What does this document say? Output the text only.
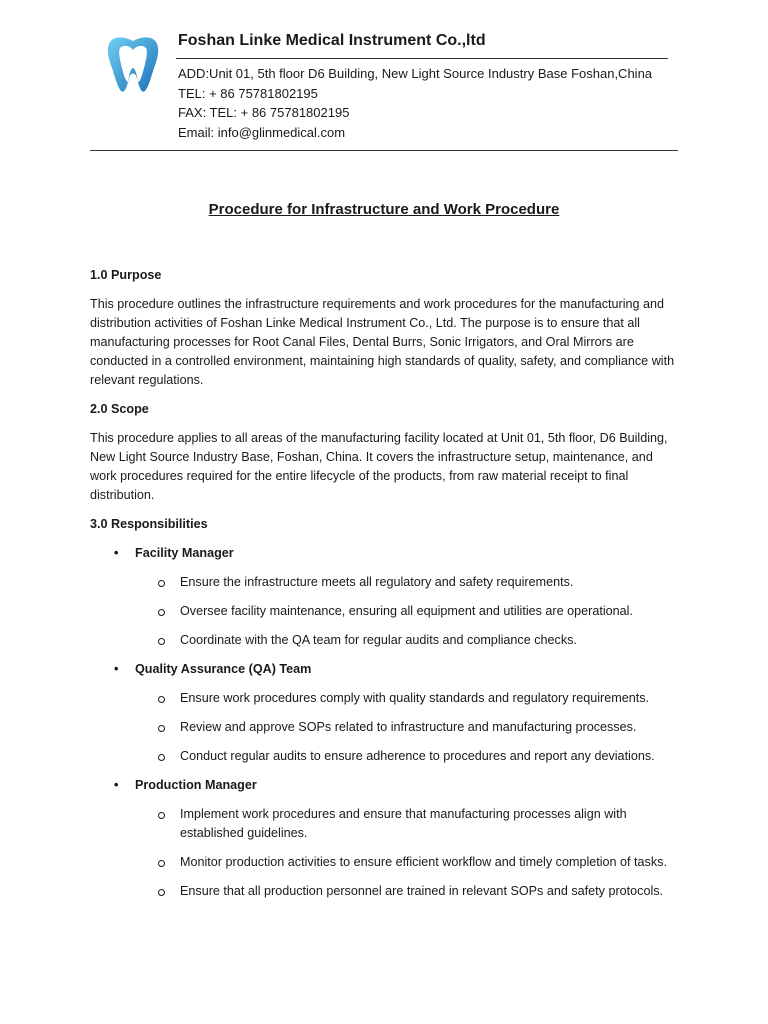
Foshan Linke Medical Instrument Co.,ltd
ADD:Unit 01, 5th floor D6 Building, New Light Source Industry Base Foshan,China
TEL: + 86 75781802195
FAX: TEL: + 86 75781802195
Email: info@glinmedical.com
Procedure for Infrastructure and Work Procedure
1.0 Purpose
This procedure outlines the infrastructure requirements and work procedures for the manufacturing and distribution activities of Foshan Linke Medical Instrument Co., Ltd. The purpose is to ensure that all manufacturing processes for Root Canal Files, Dental Burrs, Sonic Irrigators, and Oral Mirrors are conducted in a controlled environment, maintaining high standards of quality, safety, and compliance with relevant regulations.
2.0 Scope
This procedure applies to all areas of the manufacturing facility located at Unit 01, 5th floor, D6 Building, New Light Source Industry Base, Foshan, China. It covers the infrastructure setup, maintenance, and work procedures required for the entire lifecycle of the products, from raw material receipt to final distribution.
3.0 Responsibilities
• Facility Manager
Ensure the infrastructure meets all regulatory and safety requirements.
Oversee facility maintenance, ensuring all equipment and utilities are operational.
Coordinate with the QA team for regular audits and compliance checks.
• Quality Assurance (QA) Team
Ensure work procedures comply with quality standards and regulatory requirements.
Review and approve SOPs related to infrastructure and manufacturing processes.
Conduct regular audits to ensure adherence to procedures and report any deviations.
• Production Manager
Implement work procedures and ensure that manufacturing processes align with established guidelines.
Monitor production activities to ensure efficient workflow and timely completion of tasks.
Ensure that all production personnel are trained in relevant SOPs and safety protocols.
